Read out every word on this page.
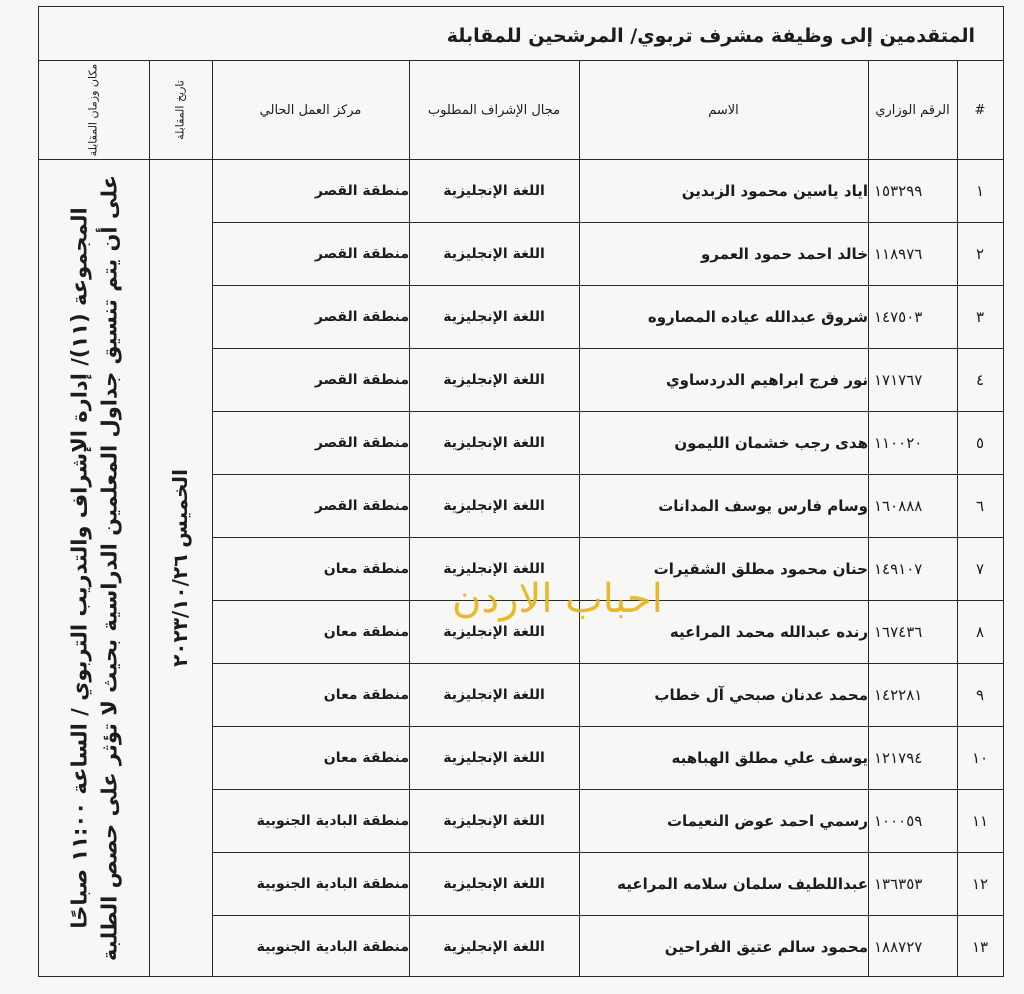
المتقدمين إلى وظيفة مشرف تربوي/ المرشحين للمقابلة
#
الرقم الوزاري
الاسم
مجال الإشراف المطلوب
مركز العمل الحالي
تاريخ المقابلة
مكان وزمان المقابلة
الخميس ٢٠٢٣/١٠/٢٦
المجموعة (١١)/ إدارة الإشراف والتدريب التربوي / الساعة ١١:٠٠ صباحًا على أن يتم تنسيق جداول المعلمين الدراسية بحيث لا تؤثر على حصص الطلبة	١
١٥٣٢٩٩
اياد ياسين محمود الزبدين
اللغة الإنجليزية
منطقة القصر
٢
١١٨٩٧٦
خالد احمد حمود العمرو
اللغة الإنجليزية
منطقة القصر
٣
١٤٧٥٠٣
شروق عبدالله عياده المصاروه
اللغة الإنجليزية
منطقة القصر
٤
١٧١٧٦٧
نور فرج ابراهيم الدردساوي
اللغة الإنجليزية
منطقة القصر
٥
١١٠٠٢٠
هدى رجب خشمان الليمون
اللغة الإنجليزية
منطقة القصر
٦
١٦٠٨٨٨
وسام فارس يوسف المدانات
اللغة الإنجليزية
منطقة القصر
٧
١٤٩١٠٧
حنان محمود مطلق الشقيرات
اللغة الإنجليزية
منطقة معان
٨
١٦٧٤٣٦
رنده عبدالله محمد المراعيه
اللغة الإنجليزية
منطقة معان
٩
١٤٢٢٨١
محمد عدنان صبحي آل خطاب
اللغة الإنجليزية
منطقة معان
١٠
١٢١٧٩٤
يوسف علي مطلق الهباهبه
اللغة الإنجليزية
منطقة معان
١١
١٠٠٠٥٩
رسمي احمد عوض النعيمات
اللغة الإنجليزية
منطقة البادية الجنوبية
١٢
١٣٦٣٥٣
عبداللطيف سلمان سلامه المراعيه
اللغة الإنجليزية
منطقة البادية الجنوبية
١٣
١٨٨٧٢٧
محمود سالم عتيق الفراحين
اللغة الإنجليزية
منطقة البادية الجنوبية
احباب الاردن
